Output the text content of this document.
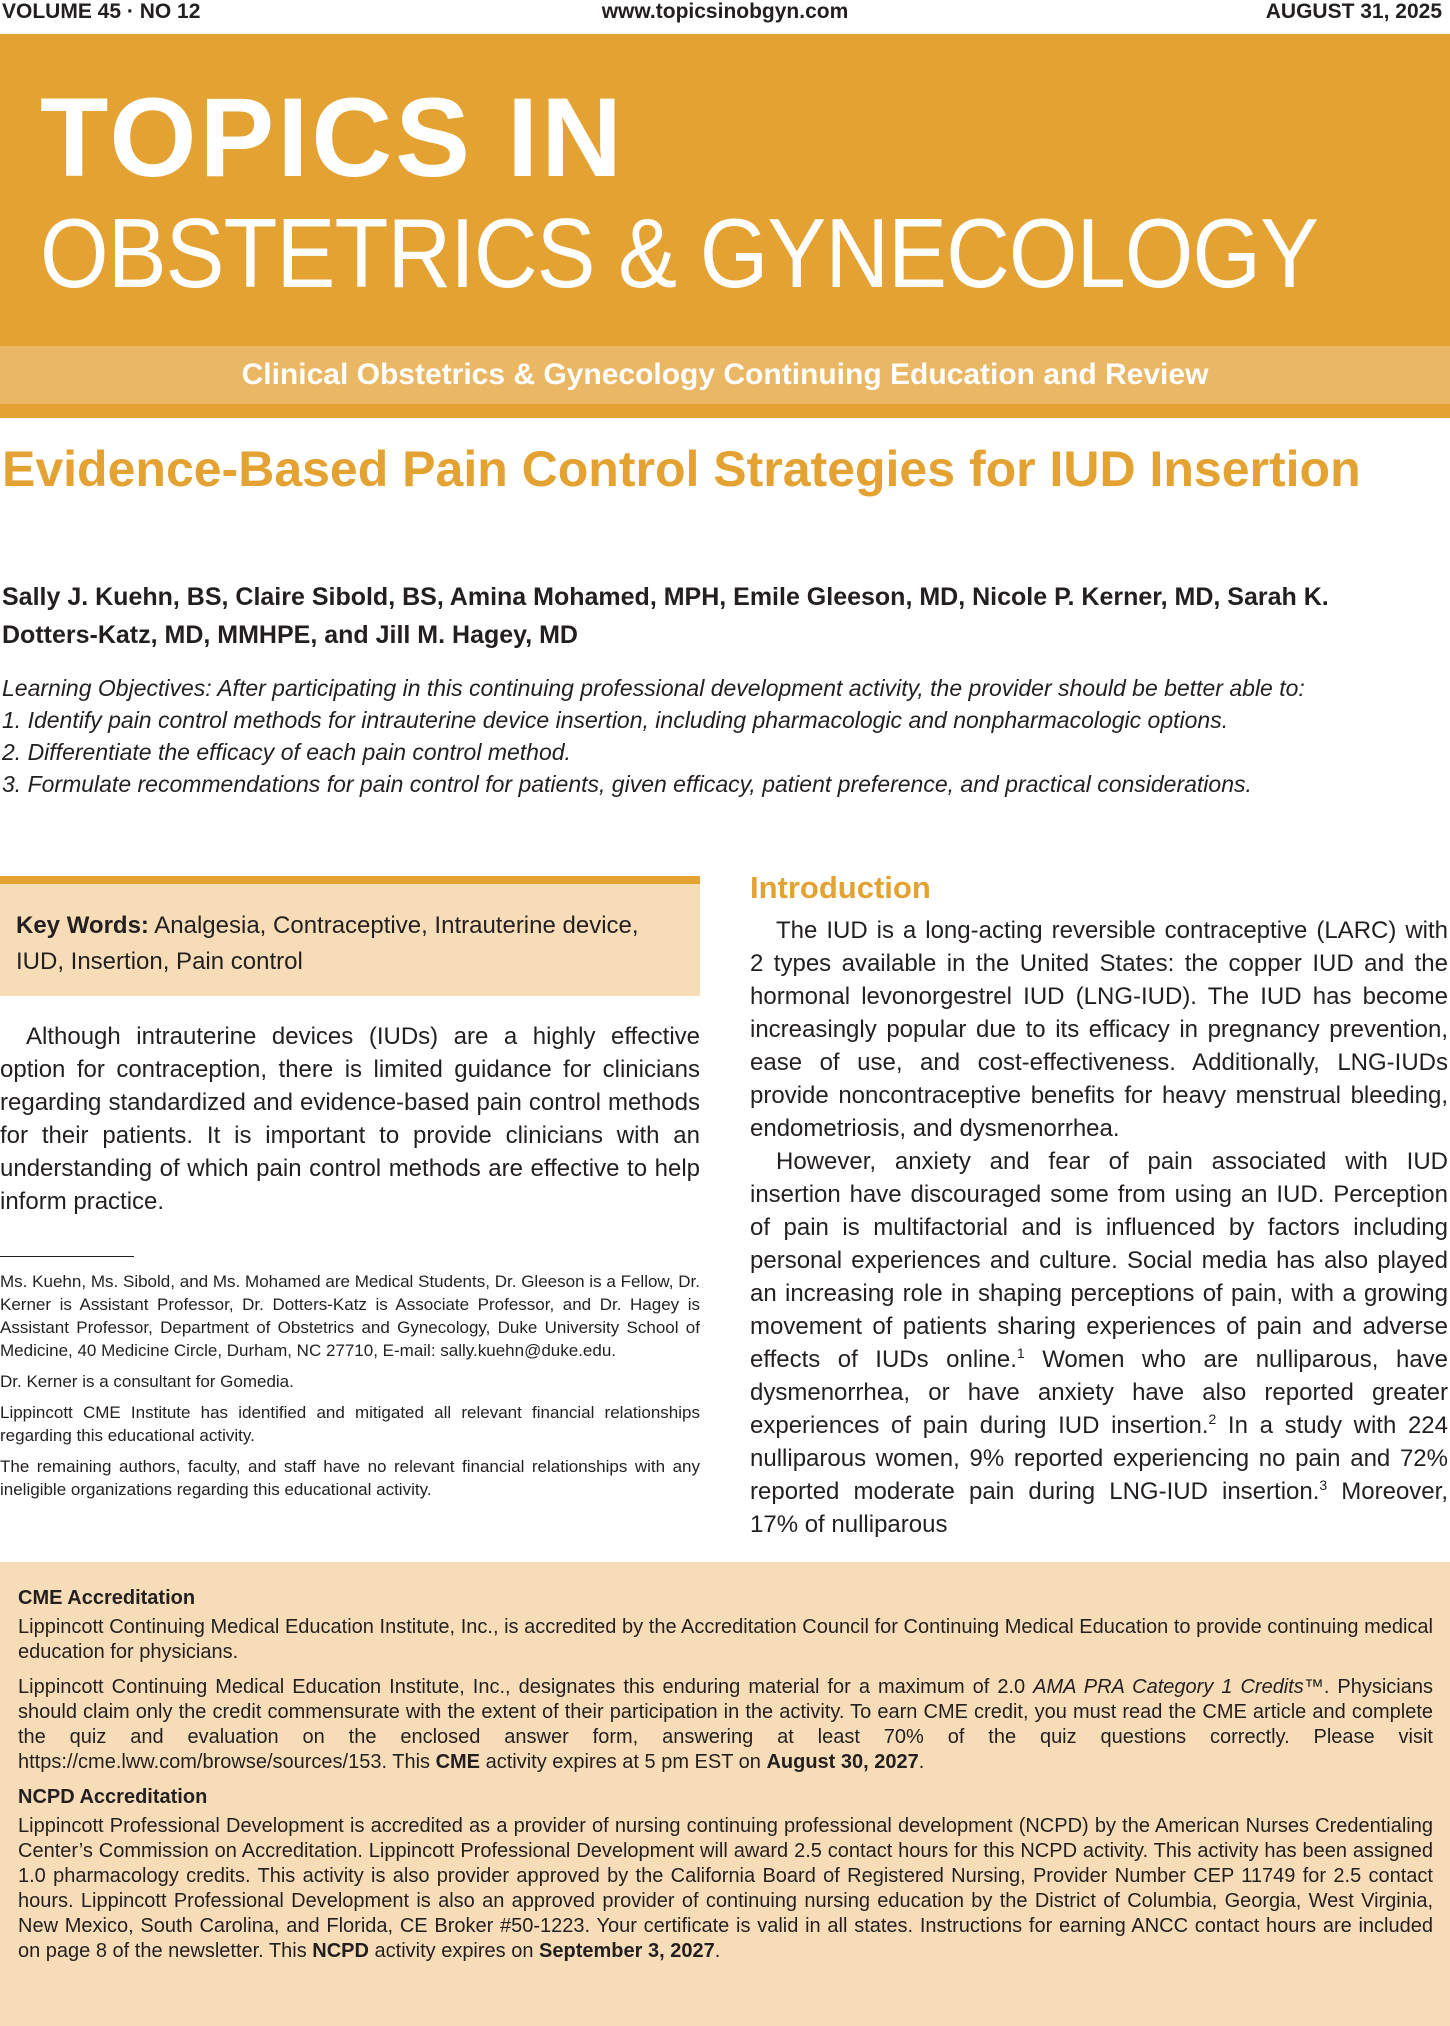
VOLUME 45 · NO 12	www.topicsinobgyn.com	AUGUST 31, 2025
TOPICS IN
OBSTETRICS & GYNECOLOGY
Clinical Obstetrics & Gynecology Continuing Education and Review
Evidence-Based Pain Control Strategies for IUD Insertion
Sally J. Kuehn, BS, Claire Sibold, BS, Amina Mohamed, MPH, Emile Gleeson, MD, Nicole P. Kerner, MD, Sarah K. Dotters-Katz, MD, MMHPE, and Jill M. Hagey, MD

Learning Objectives: After participating in this continuing professional development activity, the provider should be better able to:

1. Identify pain control methods for intrauterine device insertion, including pharmacologic and nonpharmacologic options.

2. Differentiate the efficacy of each pain control method.

3. Formulate recommendations for pain control for patients, given efficacy, patient preference, and practical considerations.

Key Words: Analgesia, Contraceptive, Intrauterine device, IUD, Insertion, Pain control
Although intrauterine devices (IUDs) are a highly effective option for contraception, there is limited guidance for clinicians regarding standardized and evidence-based pain control methods for their patients. It is important to provide clinicians with an understanding of which pain control methods are effective to help inform practice.

Ms. Kuehn, Ms. Sibold, and Ms. Mohamed are Medical Students, Dr. Gleeson is a Fellow, Dr. Kerner is Assistant Professor, Dr. Dotters-Katz is Associate Professor, and Dr. Hagey is Assistant Professor, Department of Obstetrics and Gynecology, Duke University School of Medicine, 40 Medicine Circle, Durham, NC 27710, E-mail: sally.kuehn@duke.edu.

Dr. Kerner is a consultant for Gomedia.

Lippincott CME Institute has identified and mitigated all relevant financial relationships regarding this educational activity.

The remaining authors, faculty, and staff have no relevant financial relationships with any ineligible organizations regarding this educational activity.

Introduction

The IUD is a long-acting reversible contraceptive (LARC) with 2 types available in the United States: the copper IUD and the hormonal levonorgestrel IUD (LNG-IUD). The IUD has become increasingly popular due to its efficacy in pregnancy prevention, ease of use, and cost-effectiveness. Additionally, LNG-IUDs provide noncontraceptive benefits for heavy menstrual bleeding, endometriosis, and dysmenorrhea.

However, anxiety and fear of pain associated with IUD insertion have discouraged some from using an IUD. Perception of pain is multifactorial and is influenced by factors including personal experiences and culture. Social media has also played an increasing role in shaping perceptions of pain, with a growing movement of patients sharing experiences of pain and adverse effects of IUDs online.$^1$ Women who are nulliparous, have dysmenorrhea, or have anxiety have also reported greater experiences of pain during IUD insertion.$^2$ In a study with 224 nulliparous women, 9% reported experiencing no pain and 72% reported moderate pain during LNG-IUD insertion.$^3$ Moreover, 17% of nulliparous

CME Accreditation

Lippincott Continuing Medical Education Institute, Inc., is accredited by the Accreditation Council for Continuing Medical Education to provide continuing medical education for physicians.

Lippincott Continuing Medical Education Institute, Inc., designates this enduring material for a maximum of 2.0 AMA PRA Category 1 Credits™. Physicians should claim only the credit commensurate with the extent of their participation in the activity. To earn CME credit, you must read the CME article and complete the quiz and evaluation on the enclosed answer form, answering at least 70% of the quiz questions correctly. Please visit https://cme.lww.com/browse/sources/153. This CME activity expires at 5 pm EST on August 30, 2027.

NCPD Accreditation

Lippincott Professional Development is accredited as a provider of nursing continuing professional development (NCPD) by the American Nurses Credentialing Center’s Commission on Accreditation. Lippincott Professional Development will award 2.5 contact hours for this NCPD activity. This activity has been assigned 1.0 pharmacology credits. This activity is also provider approved by the California Board of Registered Nursing, Provider Number CEP 11749 for 2.5 contact hours. Lippincott Professional Development is also an approved provider of continuing nursing education by the District of Columbia, Georgia, West Virginia, New Mexico, South Carolina, and Florida, CE Broker #50-1223. Your certificate is valid in all states. Instructions for earning ANCC contact hours are included on page 8 of the newsletter. This NCPD activity expires on September 3, 2027.
